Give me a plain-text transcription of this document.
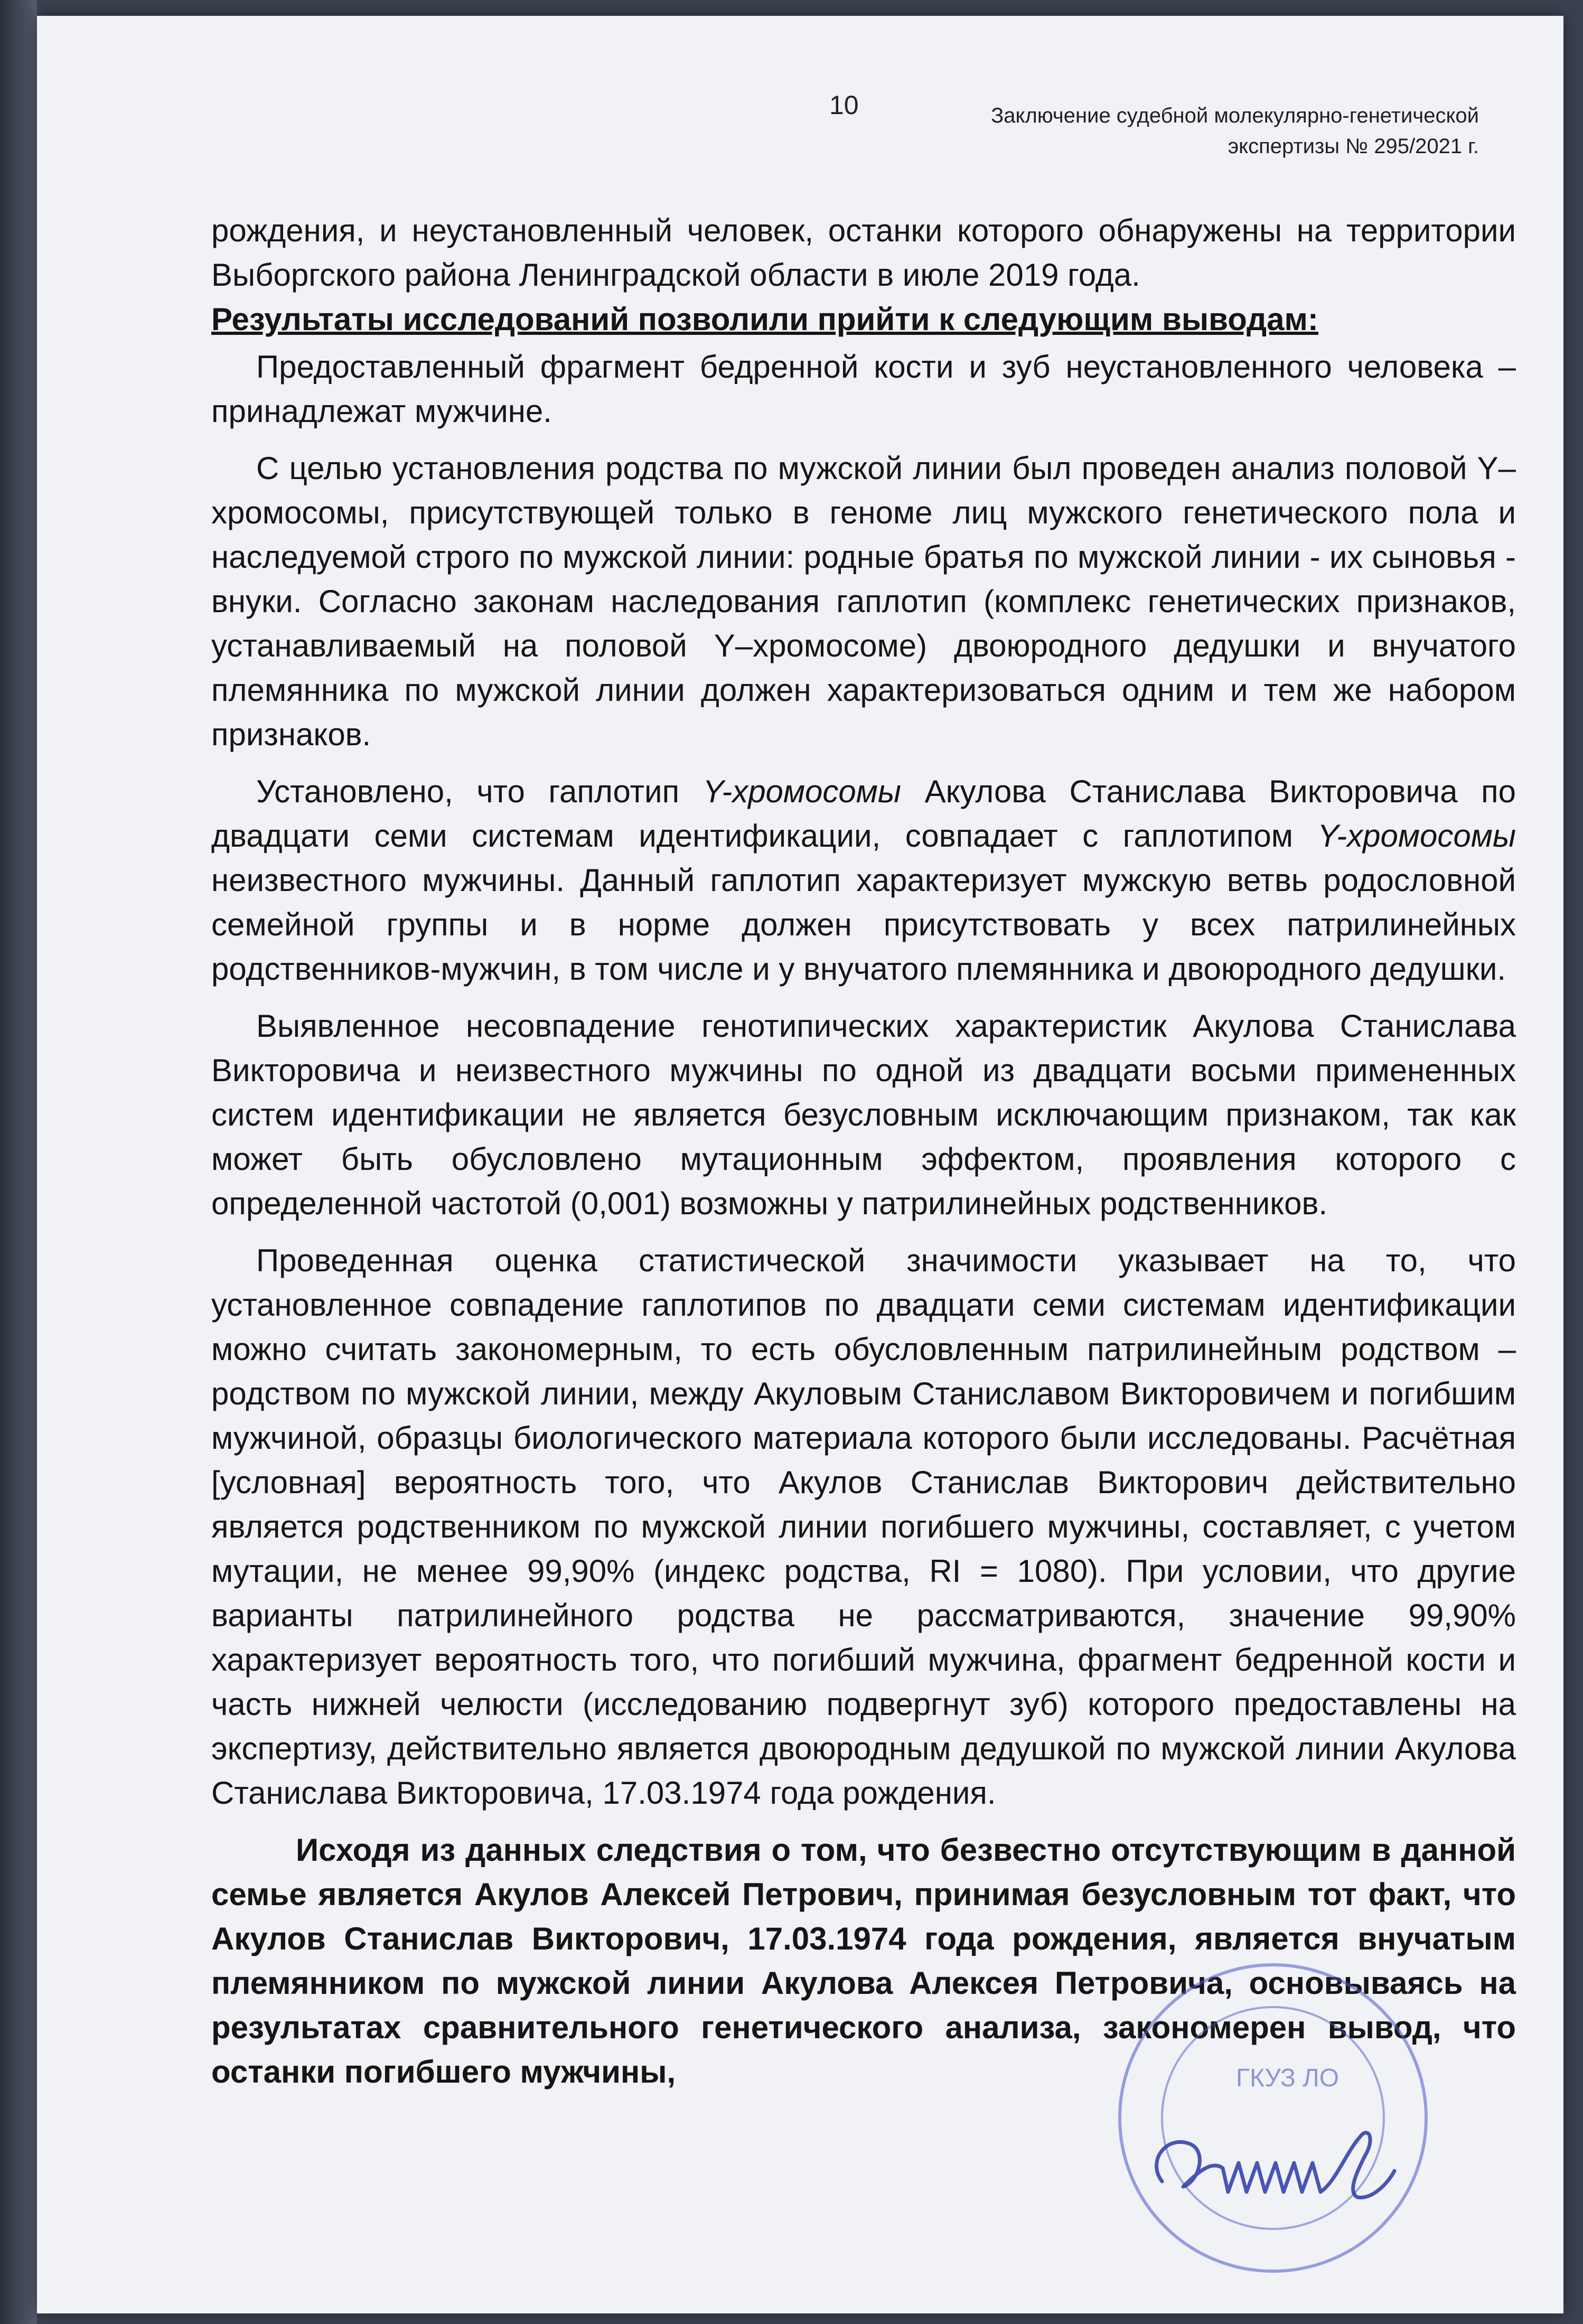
10	Заключение судебной молекулярно-генетической
экспертизы № 295/2021 г.

рождения, и неустановленный человек, останки которого обнаружены на территории Выборгского района Ленинградской области в июле 2019 года.

Результаты исследований позволили прийти к следующим выводам:

Предоставленный фрагмент бедренной кости и зуб неустановленного человека – принадлежат мужчине.

С целью установления родства по мужской линии был проведен анализ половой Y– хромосомы, присутствующей только в геноме лиц мужского генетического пола и наследуемой строго по мужской линии: родные братья по мужской линии - их сыновья - внуки. Согласно законам наследования гаплотип (комплекс генетических признаков, устанавливаемый на половой Y–хромосоме) двоюродного дедушки и внучатого племянника по мужской линии должен характеризоваться одним и тем же набором признаков.

Установлено, что гаплотип Y-хромосомы Акулова Станислава Викторовича по двадцати семи системам идентификации, совпадает с гаплотипом Y-хромосомы неизвестного мужчины. Данный гаплотип характеризует мужскую ветвь родословной семейной группы и в норме должен присутствовать у всех патрилинейных родственников-мужчин, в том числе и у внучатого племянника и двоюродного дедушки.

Выявленное несовпадение генотипических характеристик Акулова Станислава Викторовича и неизвестного мужчины по одной из двадцати восьми примененных систем идентификации не является безусловным исключающим признаком, так как может быть обусловлено мутационным эффектом, проявления которого с определенной частотой (0,001) возможны у патрилинейных родственников.

Проведенная оценка статистической значимости указывает на то, что установленное совпадение гаплотипов по двадцати семи системам идентификации можно считать закономерным, то есть обусловленным патрилинейным родством – родством по мужской линии, между Акуловым Станиславом Викторовичем и погибшим мужчиной, образцы биологического материала которого были исследованы. Расчётная [условная] вероятность того, что Акулов Станислав Викторович действительно является родственником по мужской линии погибшего мужчины, составляет, с учетом мутации, не менее 99,90% (индекс родства, RI = 1080). При условии, что другие варианты патрилинейного родства не рассматриваются, значение 99,90% характеризует вероятность того, что погибший мужчина, фрагмент бедренной кости и часть нижней челюсти (исследованию подвергнут зуб) которого предоставлены на экспертизу, действительно является двоюродным дедушкой по мужской линии Акулова Станислава Викторовича, 17.03.1974 года рождения.

Исходя из данных следствия о том, что безвестно отсутствующим в данной семье является Акулов Алексей Петрович, принимая безусловным тот факт, что Акулов Станислав Викторович, 17.03.1974 года рождения, является внучатым племянником по мужской линии Акулова Алексея Петровича, основываясь на результатах сравнительного генетического анализа, закономерен вывод, что останки погибшего мужчины,	ГКУЗ ЛО
